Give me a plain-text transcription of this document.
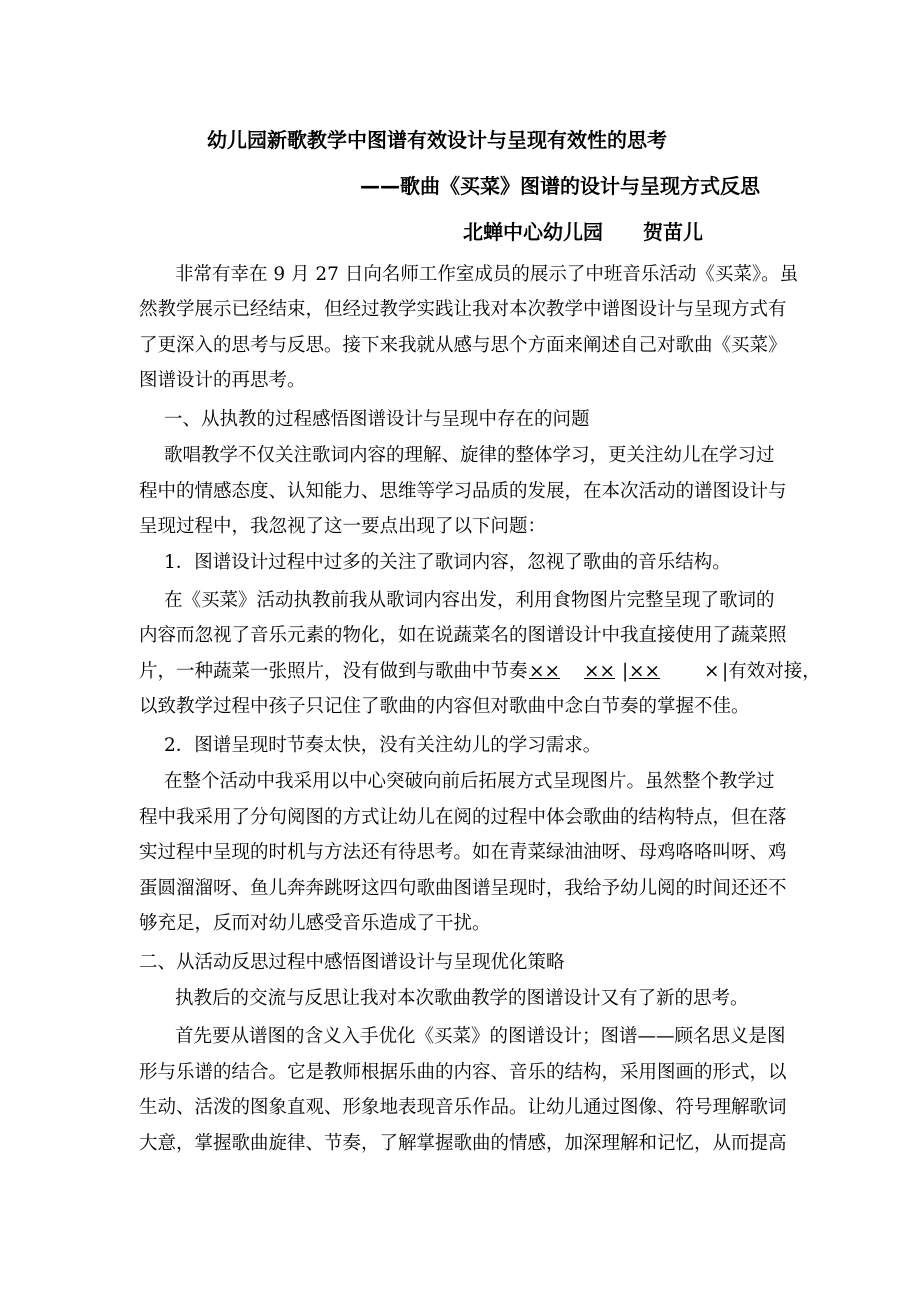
幼儿园新歌教学中图谱有效设计与呈现有效性的思考
——歌曲《买菜》图谱的设计与呈现方式反思
北蝉中心幼儿园　　贺苗儿
非常有幸在 9 月 27 日向名师工作室成员的展示了中班音乐活动《买菜》。虽
然教学展示已经结束，但经过教学实践让我对本次教学中谱图设计与呈现方式有
了更深入的思考与反思。接下来我就从感与思个方面来阐述自己对歌曲《买菜》
图谱设计的再思考。
一、从执教的过程感悟图谱设计与呈现中存在的问题
歌唱教学不仅关注歌词内容的理解、旋律的整体学习，更关注幼儿在学习过
程中的情感态度、认知能力、思维等学习品质的发展，在本次活动的谱图设计与
呈现过程中，我忽视了这一要点出现了以下问题：
1．图谱设计过程中过多的关注了歌词内容，忽视了歌曲的音乐结构。
在《买菜》活动执教前我从歌词内容出发，利用食物图片完整呈现了歌词的
内容而忽视了音乐元素的物化，如在说蔬菜名的图谱设计中我直接使用了蔬菜照
片，一种蔬菜一张照片，没有做到与歌曲中节奏 ×× ×× | ×× × |有效对接，
以致教学过程中孩子只记住了歌曲的内容但对歌曲中念白节奏的掌握不佳。
2．图谱呈现时节奏太快，没有关注幼儿的学习需求。
在整个活动中我采用以中心突破向前后拓展方式呈现图片。虽然整个教学过
程中我采用了分句阅图的方式让幼儿在阅的过程中体会歌曲的结构特点，但在落
实过程中呈现的时机与方法还有待思考。如在青菜绿油油呀、母鸡咯咯叫呀、鸡
蛋圆溜溜呀、鱼儿奔奔跳呀这四句歌曲图谱呈现时，我给予幼儿阅的时间还还不
够充足，反而对幼儿感受音乐造成了干扰。
二、从活动反思过程中感悟图谱设计与呈现优化策略
执教后的交流与反思让我对本次歌曲教学的图谱设计又有了新的思考。
首先要从谱图的含义入手优化《买菜》的图谱设计；图谱——顾名思义是图
形与乐谱的结合。它是教师根据乐曲的内容、音乐的结构，采用图画的形式，以
生动、活泼的图象直观、形象地表现音乐作品。让幼儿通过图像、符号理解歌词
大意，掌握歌曲旋律、节奏，了解掌握歌曲的情感，加深理解和记忆，从而提高
